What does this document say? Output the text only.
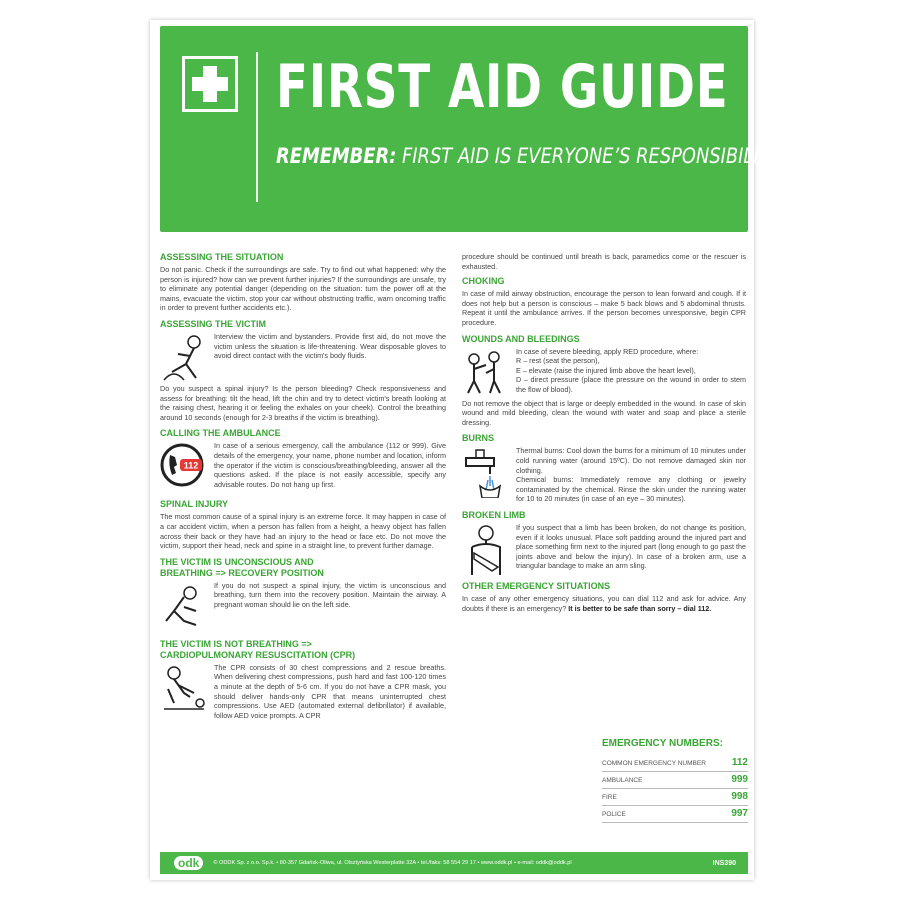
FIRST AID GUIDE
REMEMBER: FIRST AID IS EVERYONE’S RESPONSIBILITY
ASSESSING THE SITUATION

Do not panic. Check if the surroundings are safe. Try to find out what happened: why the person is injured? how can we prevent further injuries? If the surroundings are unsafe, try to eliminate any potential danger (depending on the situation: turn the power off at the mains, evacuate the victim, stop your car without obstructing traffic, warn oncoming traffic in order to prevent further accidents etc.).

ASSESSING THE VICTIM

Interview the victim and bystanders. Provide first aid, do not move the victim unless the situation is life-threatening. Wear disposable gloves to avoid direct contact with the victim's body fluids.

Do you suspect a spinal injury? Is the person bleeding? Check responsiveness and assess for breathing: tilt the head, lift the chin and try to detect victim's breath looking at the raising chest, hearing it or feeling the exhales on your cheek). Control the breathing around 10 seconds (enough for 2-3 breaths if the victim is breathing).

CALLING THE AMBULANCE
112

In case of a serious emergency, call the ambulance (112 or 999). Give details of the emergency, your name, phone number and location, inform the operator if the victim is conscious/breathing/bleeding, answer all the questions asked. If the place is not easily accessible, specify any advisable routes. Do not hang up first.

SPINAL INJURY

The most common cause of a spinal injury is an extreme force. It may happen in case of a car accident victim, when a person has fallen from a height, a heavy object has fallen across their back or they have had an injury to the head or face etc. Do not move the victim, support their head, neck and spine in a straight line, to prevent further damage.

THE VICTIM IS UNCONSCIOUS AND
BREATHING => RECOVERY POSITION

If you do not suspect a spinal injury, the victim is unconscious and breathing, turn them into the recovery position. Maintain the airway. A pregnant woman should lie on the left side.

THE VICTIM IS NOT BREATHING =>
CARDIOPULMONARY RESUSCITATION (CPR)

The CPR consists of 30 chest compressions and 2 rescue breaths. When delivering chest compressions, push hard and fast 100-120 times a minute at the depth of 5-6 cm. If you do not have a CPR mask, you should deliver hands-only CPR that means uninterrupted chest compressions. Use AED (automated external defibrillator) if available, follow AED voice prompts. A CPR

procedure should be continued until breath is back, paramedics come or the rescuer is exhausted.

CHOKING

In case of mild airway obstruction, encourage the person to lean forward and cough. If it does not help but a person is conscious – make 5 back blows and 5 abdominal thrusts. Repeat it until the ambulance arrives. If the person becomes unresponsive, begin CPR procedure.

WOUNDS AND BLEEDINGS

In case of severe bleeding, apply RED procedure, where:
R – rest (seat the person),
E – elevate (raise the injured limb above the heart level),
D – direct pressure (place the pressure on the wound in order to stem the flow of blood).

Do not remove the object that is large or deeply embedded in the wound. In case of skin wound and mild bleeding, clean the wound with water and soap and place a sterile dressing.

BURNS

Thermal burns: Cool down the burns for a minimum of 10 minutes under cold running water (around 15ºC). Do not remove damaged skin nor clothing.
Chemical burns: Immediately remove any clothing or jewelry contaminated by the chemical. Rinse the skin under the running water for 10 to 20 minutes (in case of an eye – 30 minutes).

BROKEN LIMB

If you suspect that a limb has been broken, do not change its position, even if it looks unusual. Place soft padding around the injured part and place something firm next to the injured part (long enough to go past the joints above and below the injury). In case of a broken arm, use a triangular bandage to make an arm sling.

OTHER EMERGENCY SITUATIONS

In case of any other emergency situations, you can dial 112 and ask for advice. Any doubts if there is an emergency? It is better to be safe than sorry – dial 112.

EMERGENCY NUMBERS:
COMMON EMERGENCY NUMBER	112
AMBULANCE	999
FIRE	998
POLICE	997
odk	© ODDK Sp. z o.o. Sp.k. • 80-357 Gdańsk-Oliwa, ul. Olsztyńska Westerplatte 32A • tel./faks: 58 554 29 17 • www.oddk.pl • e-mail: oddk@oddk.pl	INS390
